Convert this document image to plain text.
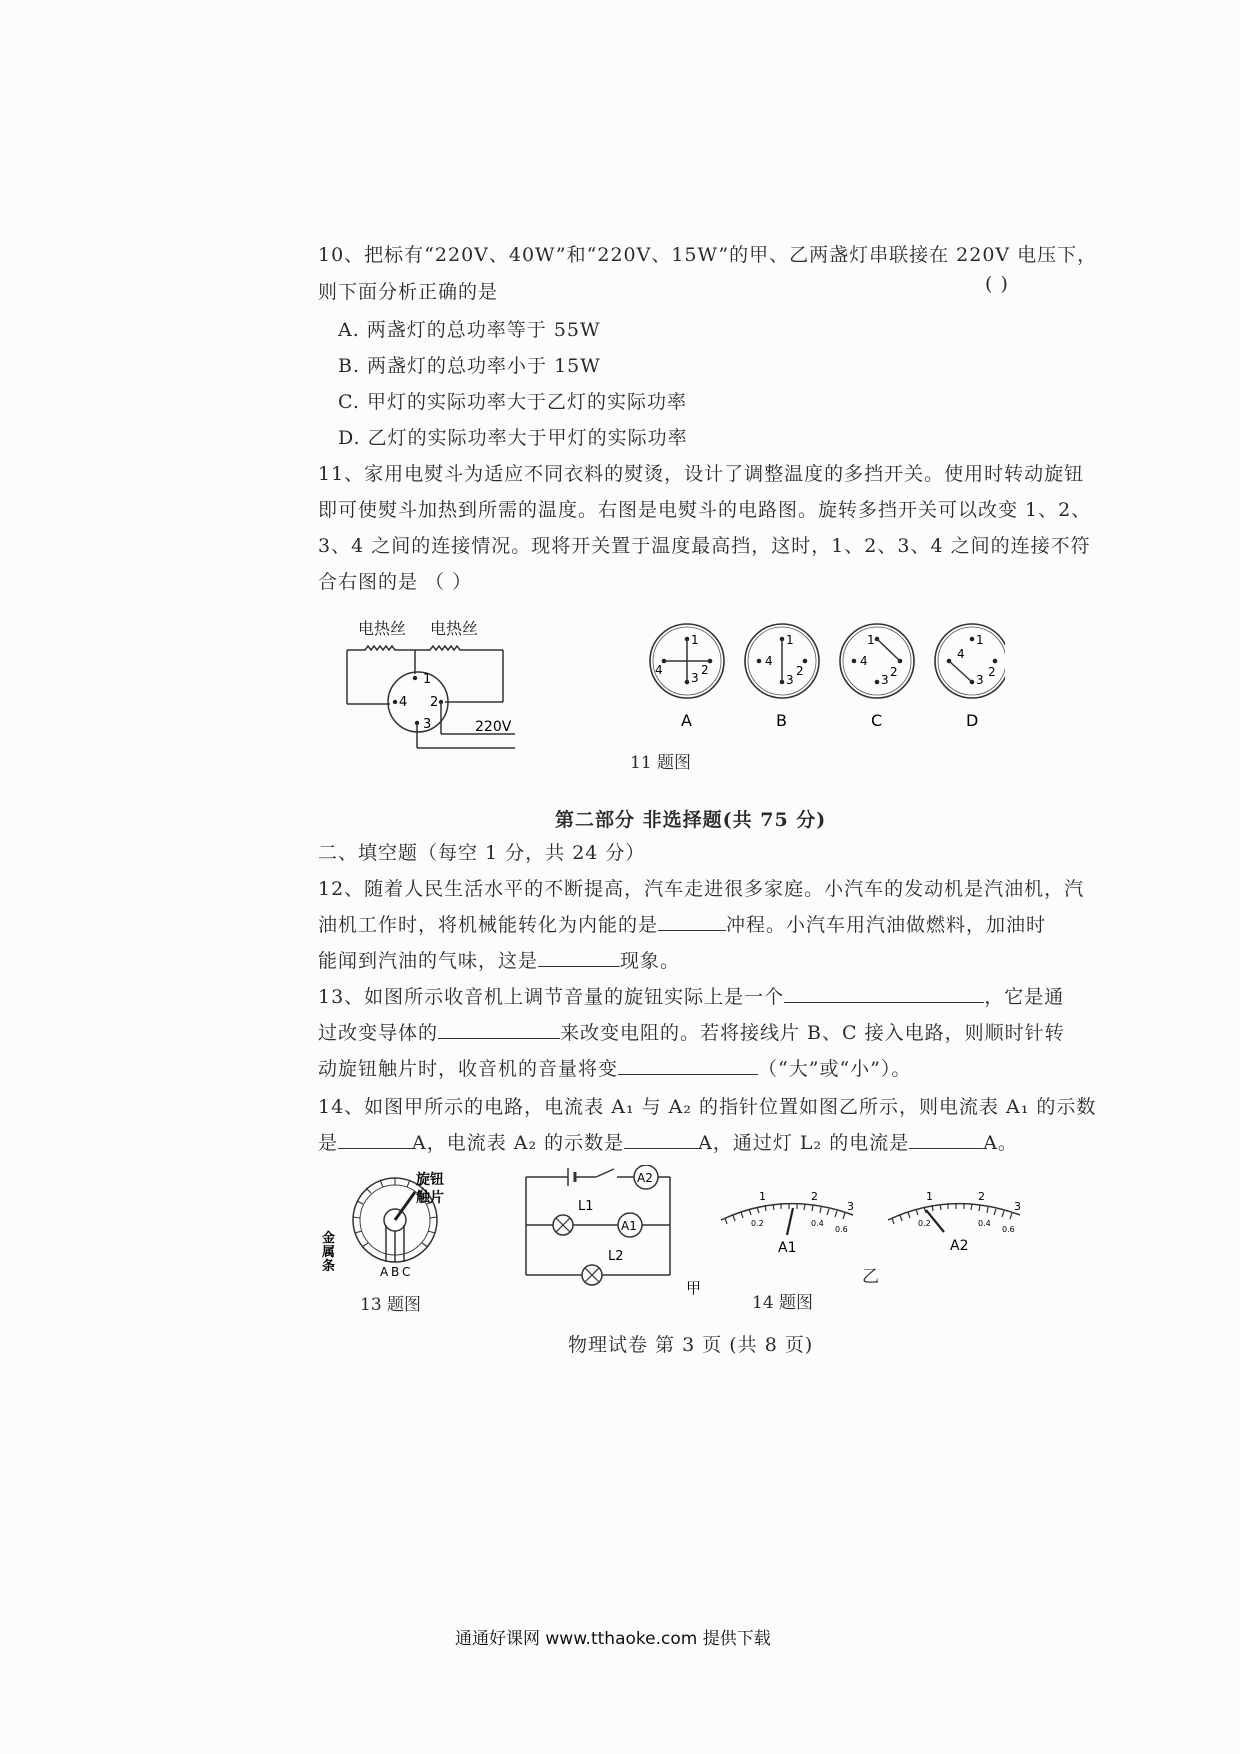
10、把标有“220V、40W”和“220V、15W”的甲、乙两盏灯串联接在 220V 电压下，
则下面分析正确的是	( )
A. 两盏灯的总功率等于 55W
B. 两盏灯的总功率小于 15W
C. 甲灯的实际功率大于乙灯的实际功率
D. 乙灯的实际功率大于甲灯的实际功率
11、家用电熨斗为适应不同衣料的熨烫，设计了调整温度的多挡开关。使用时转动旋钮
即可使熨斗加热到所需的温度。右图是电熨斗的电路图。旋转多挡开关可以改变 1、2、
3、4 之间的连接情况。现将开关置于温度最高挡，这时，1、2、3、4 之间的连接不符
合右图的是 （ ）
电热丝 电热丝
1
2
3
4
220V
1
2
3
4
1
2
3
4
1
2
3
4
1
2
3
4
A	B	C	D
11 题图
第二部分 非选择题(共 75 分)
二、填空题（每空 1 分，共 24 分）
12、随着人民生活水平的不断提高，汽车走进很多家庭。小汽车的发动机是汽油机，汽
油机工作时，将机械能转化为内能的是	冲程。小汽车用汽油做燃料，加油时
能闻到汽油的气味，这是	现象。
13、如图所示收音机上调节音量的旋钮实际上是一个	，它是通
过改变导体的	来改变电阻的。若将接线片 B、C 接入电路，则顺时针转
动旋钮触片时，收音机的音量将变	（“大”或“小”）。
14、如图甲所示的电路，电流表 A₁ 与 A₂ 的指针位置如图乙所示，则电流表 A₁ 的示数
是	A，电流表 A₂ 的示数是	A，通过灯 L₂ 的电流是	A。
旋钮
触片
金
属
条	A B C
13 题图
A2
L1
A1
L2
甲
1	2
3
0.2	0.4
0.6
A1
1	2
3
0.2	0.4
0.6
A2
乙
14 题图
物理试卷 第 3 页 (共 8 页)
通通好课网 www.tthaoke.com 提供下载
